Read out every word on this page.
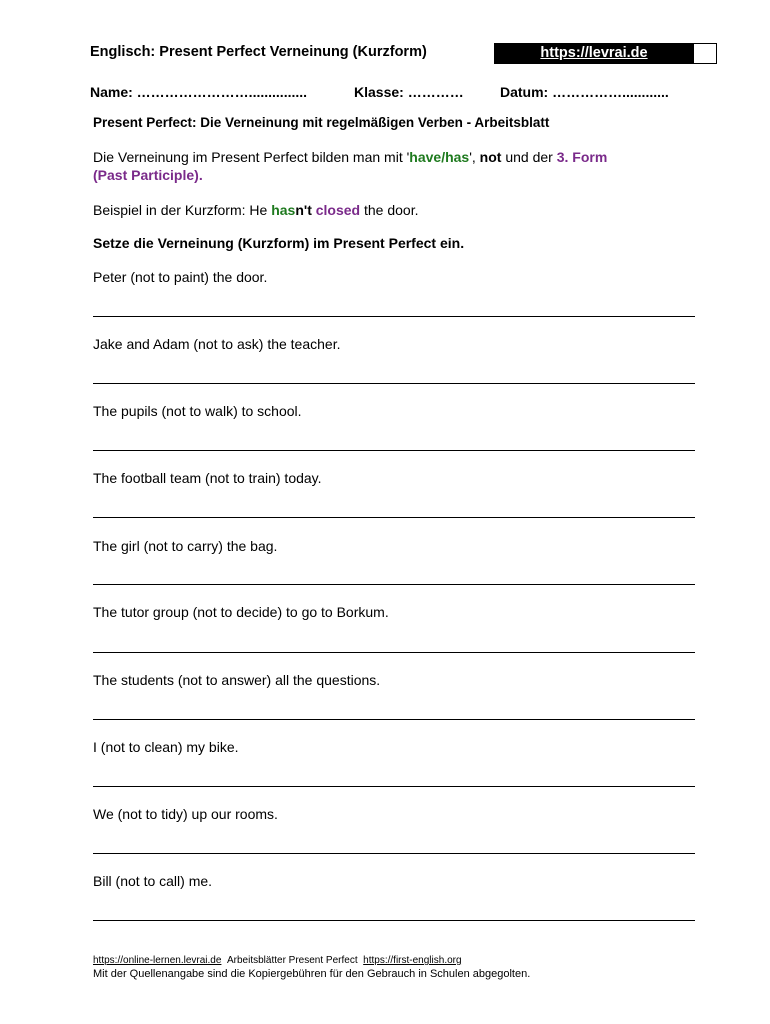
Englisch: Present Perfect Verneinung (Kurzform)	https://levrai.de
Name: ……………………...............	Klasse: …………	Datum: ……………............
Present Perfect: Die Verneinung mit regelmäßigen Verben - Arbeitsblatt
Die Verneinung im Present Perfect bilden man mit 'have/has', not und der 3. Form
(Past Participle).
Beispiel in der Kurzform: He hasn't closed the door.
Setze die Verneinung (Kurzform) im Present Perfect ein.
Peter (not to paint) the door.
Jake and Adam (not to ask) the teacher.
The pupils (not to walk) to school.
The football team (not to train) today.
The girl (not to carry) the bag.
The tutor group (not to decide) to go to Borkum.
The students (not to answer) all the questions.
I (not to clean) my bike.
We (not to tidy) up our rooms.
Bill (not to call) me.
https://online-lernen.levrai.de Arbeitsblätter Present Perfect https://first-english.org
Mit der Quellenangabe sind die Kopiergebühren für den Gebrauch in Schulen abgegolten.
